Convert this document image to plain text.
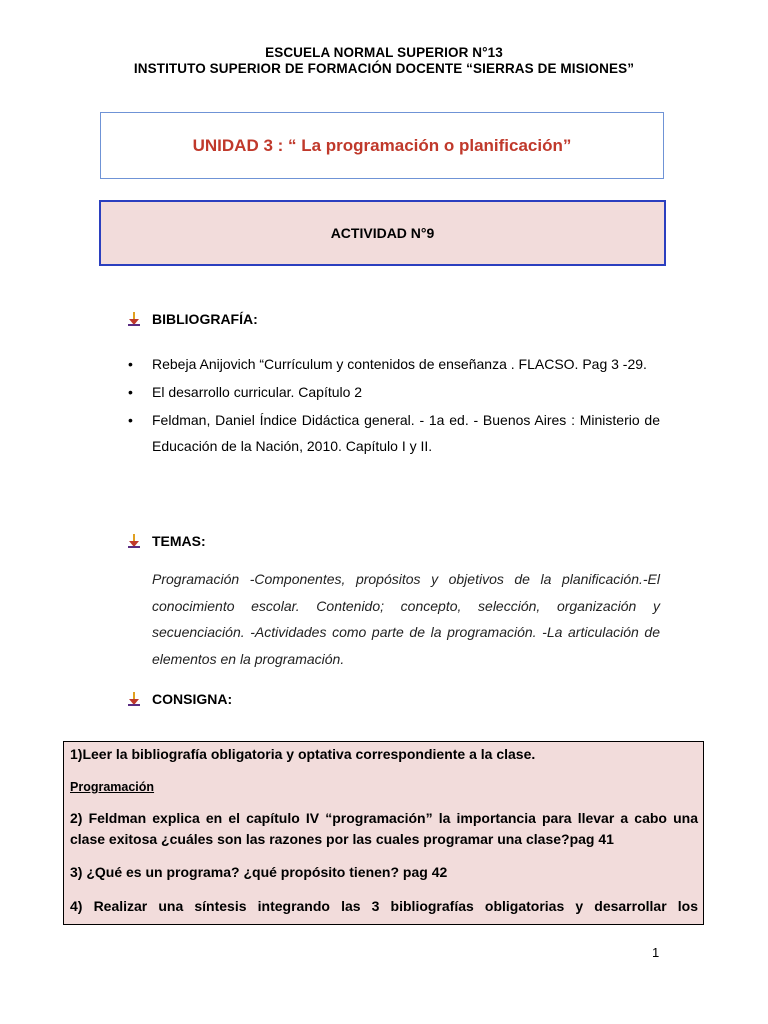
ESCUELA NORMAL SUPERIOR N°13
INSTITUTO SUPERIOR DE FORMACIÓN DOCENTE “SIERRAS DE MISIONES”
UNIDAD 3 : “ La programación o planificación”
ACTIVIDAD N°9
BIBLIOGRAFÍA:
• Rebeja Anijovich “Currículum y contenidos de enseñanza . FLACSO. Pag 3 -29.
• El desarrollo curricular. Capítulo 2
• Feldman, Daniel Índice Didáctica general. - 1a ed. - Buenos Aires : Ministerio de Educación de la Nación, 2010. Capítulo I y II.
TEMAS:

Programación -Componentes, propósitos y objetivos de la planificación.-El conocimiento escolar. Contenido; concepto, selección, organización y secuenciación. -Actividades como parte de la programación. -La articulación de elementos en la programación.

CONSIGNA:

1)Leer la bibliografía obligatoria y optativa correspondiente a la clase.

Programación

2) Feldman explica en el capítulo IV “programación” la importancia para llevar a cabo una clase exitosa ¿cuáles son las razones por las cuales programar una clase?pag 41

3) ¿Qué es un programa? ¿qué propósito tienen? pag 42

4) Realizar una síntesis integrando las 3 bibliografías obligatorias y desarrollar los

1
